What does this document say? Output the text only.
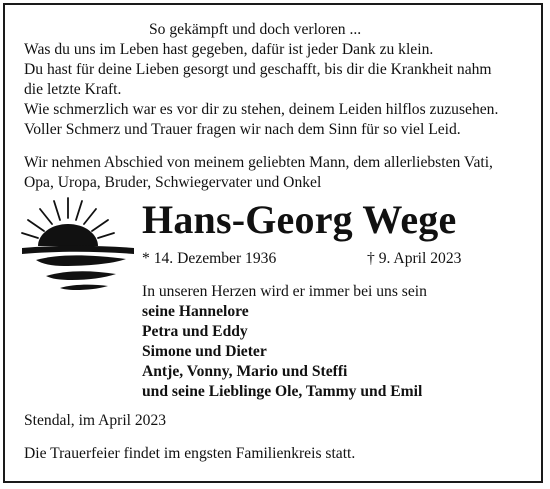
So gekämpft und doch verloren ...
Was du uns im Leben hast gegeben, dafür ist jeder Dank zu klein.
Du hast für deine Lieben gesorgt und geschafft, bis dir die Krankheit nahm
die letzte Kraft.
Wie schmerzlich war es vor dir zu stehen, deinem Leiden hilflos zuzusehen.
Voller Schmerz und Trauer fragen wir nach dem Sinn für so viel Leid.
Wir nehmen Abschied von meinem geliebten Mann, dem allerliebsten Vati,
Opa, Uropa, Bruder, Schwiegervater und Onkel
Hans-Georg Wege
* 14. Dezember 1936	† 9. April 2023
In unseren Herzen wird er immer bei uns sein
seine Hannelore
Petra und Eddy
Simone und Dieter
Antje, Vonny, Mario und Steffi
und seine Lieblinge Ole, Tammy und Emil
Stendal, im April 2023
Die Trauerfeier findet im engsten Familienkreis statt.
